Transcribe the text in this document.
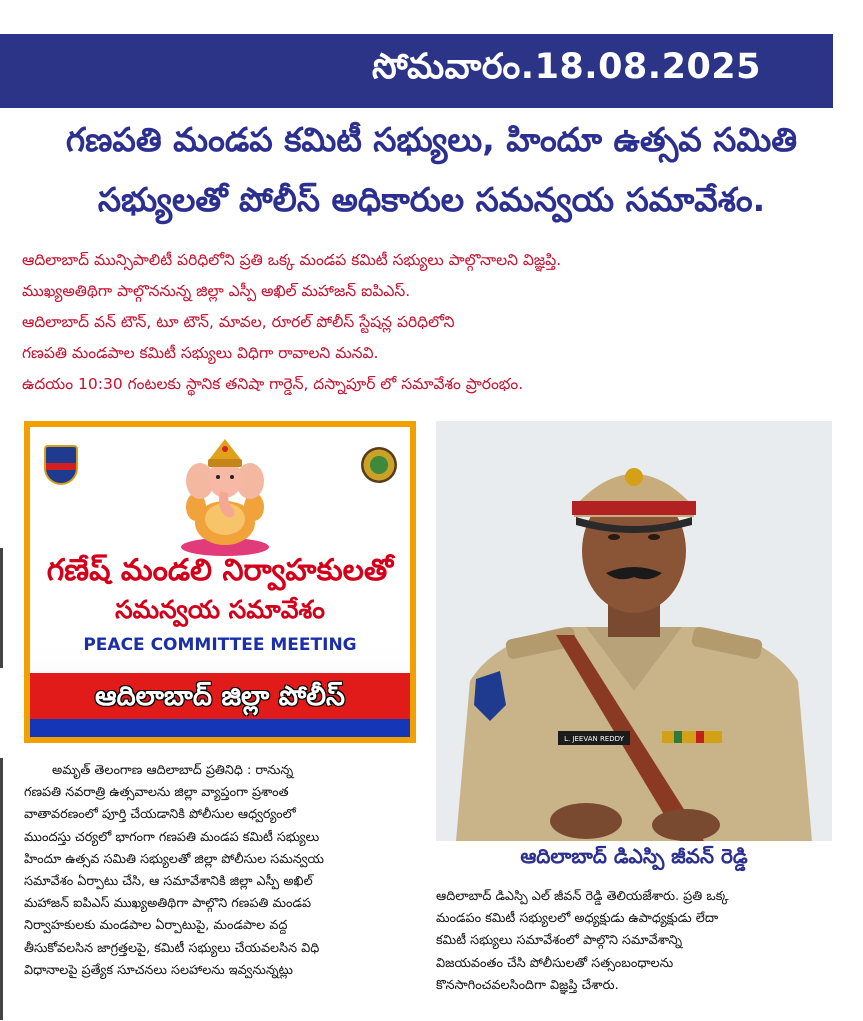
సోమవారం.18.08.2025
గణపతి మండప కమిటీ సభ్యులు, హిందూ ఉత్సవ సమితి
సభ్యులతో పోలీస్ అధికారుల సమన్వయ సమావేశం.
ఆదిలాబాద్ మున్సిపాలిటీ పరిధిలోని ప్రతి ఒక్క మండప కమిటీ సభ్యులు పాల్గొనాలని విజ్ఞప్తి.
ముఖ్యఅతిథిగా పాల్గొననున్న జిల్లా ఎస్పీ అఖిల్ మహాజన్ ఐపిఎస్.
ఆదిలాబాద్ వన్ టౌన్, టూ టౌన్, మావల, రూరల్ పోలీస్ స్టేషన్ల పరిధిలోని
గణపతి మండపాల కమిటీ సభ్యులు విధిగా రావాలని మనవి.
ఉదయం 10:30 గంటలకు స్థానిక తనిషా గార్డెన్, దస్నాపూర్ లో సమావేశం ప్రారంభం.
గణేష్ మండలి నిర్వాహకులతో
సమన్వయ సమావేశం
PEACE COMMITTEE MEETING
ఆదిలాబాద్ జిల్లా పోలీస్
L. JEEVAN REDDY
ఆదిలాబాద్ డిఎస్పి జీవన్ రెడ్డి
అమృత్ తెలంగాణ ఆదిలాబాద్ ప్రతినిధి : రానున్న
గణపతి నవరాత్రి ఉత్సవాలను జిల్లా వ్యాప్తంగా ప్రశాంత
వాతావరణంలో పూర్తి చేయడానికి పోలీసుల ఆధ్వర్యంలో
ముందస్తు చర్యలో భాగంగా గణపతి మండప కమిటీ సభ్యులు
హిందూ ఉత్సవ సమితి సభ్యులతో జిల్లా పోలీసుల సమన్వయ
సమావేశం ఏర్పాటు చేసి, ఆ సమావేశానికి జిల్లా ఎస్పీ అఖిల్
మహాజన్ ఐపిఎస్ ముఖ్యఅతిథిగా పాల్గొని గణపతి మండప
నిర్వాహకులకు మండపాల ఏర్పాటుపై, మండపాల వద్ద
తీసుకోవలసిన జాగ్రత్తలపై, కమిటీ సభ్యులు చేయవలసిన విధి
విధానాలపై ప్రత్యేక సూచనలు సలహాలను ఇవ్వనున్నట్లు
ఆదిలాబాద్ డిఎస్పి ఎల్ జీవన్ రెడ్డి తెలియజేశారు. ప్రతి ఒక్క
మండపం కమిటీ సభ్యులలో అధ్యక్షుడు ఉపాధ్యక్షుడు లేదా
కమిటీ సభ్యులు సమావేశంలో పాల్గొని సమావేశాన్ని
విజయవంతం చేసి పోలీసులతో సత్సంబంధాలను
కొనసాగించవలసిందిగా విజ్ఞప్తి చేశారు.
